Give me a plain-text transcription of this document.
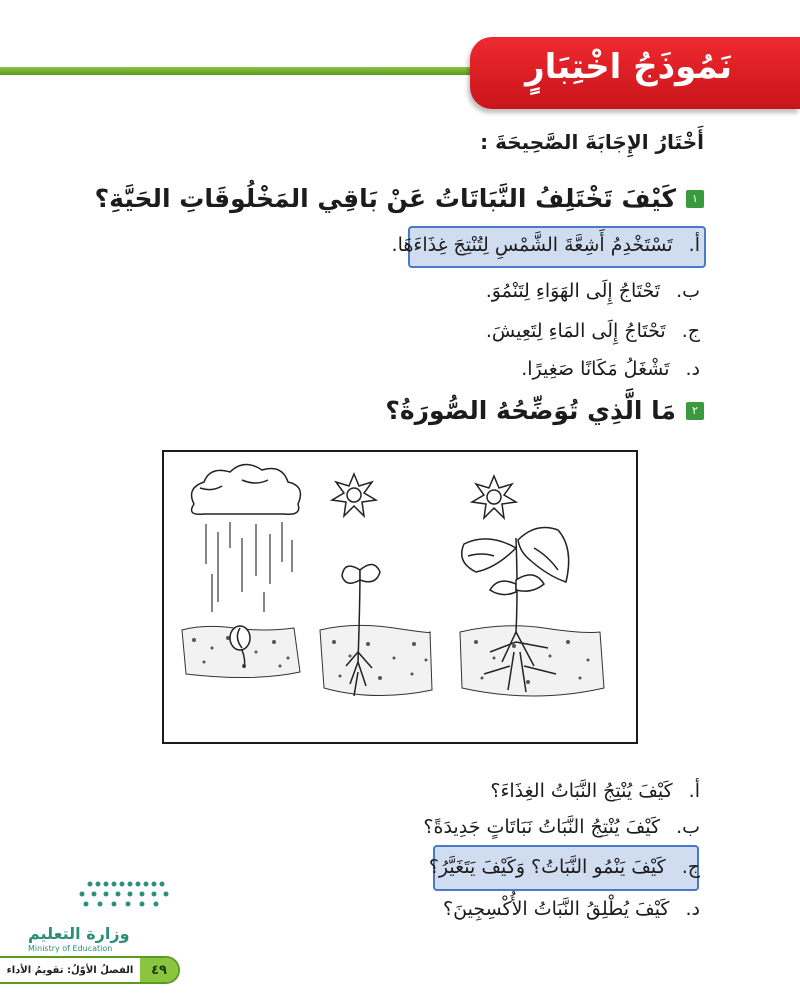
نَمُوذَجُ اخْتِبَارٍ
أَخْتَارُ الإِجَابَةَ الصَّحِيحَةَ :
١
كَيْفَ تَخْتَلِفُ النَّبَاتَاتُ عَنْ بَاقِي المَخْلُوقَاتِ الحَيَّةِ؟
أ.
تَسْتَخْدِمُ أَشِعَّةَ الشَّمْسِ لِتُنْتِجَ غِذَاءَهَا.
ب.
تَحْتَاجُ إِلَى الهَوَاءِ لِتَنْمُوَ.
ج.
تَحْتَاجُ إِلَى المَاءِ لِتَعِيشَ.
د.
تَشْغَلُ مَكَانًا صَغِيرًا.
٢
مَا الَّذِي تُوَضِّحُهُ الصُّورَةُ؟
أ.
كَيْفَ يُنْتِجُ النَّبَاتُ الغِذَاءَ؟
ب.
كَيْفَ يُنْتِجُ النَّبَاتُ نَبَاتَاتٍ جَدِيدَةً؟
ج.
كَيْفَ يَنْمُو النَّبَاتُ؟ وَكَيْفَ يَتَغَيَّرُ؟
د.
كَيْفَ يُطْلِقُ النَّبَاتُ الأُكْسِجِينَ؟
وزارة التعليم
Ministry of Education
الفصلُ الأوّلُ: تقويمُ الأداء	٤٩
